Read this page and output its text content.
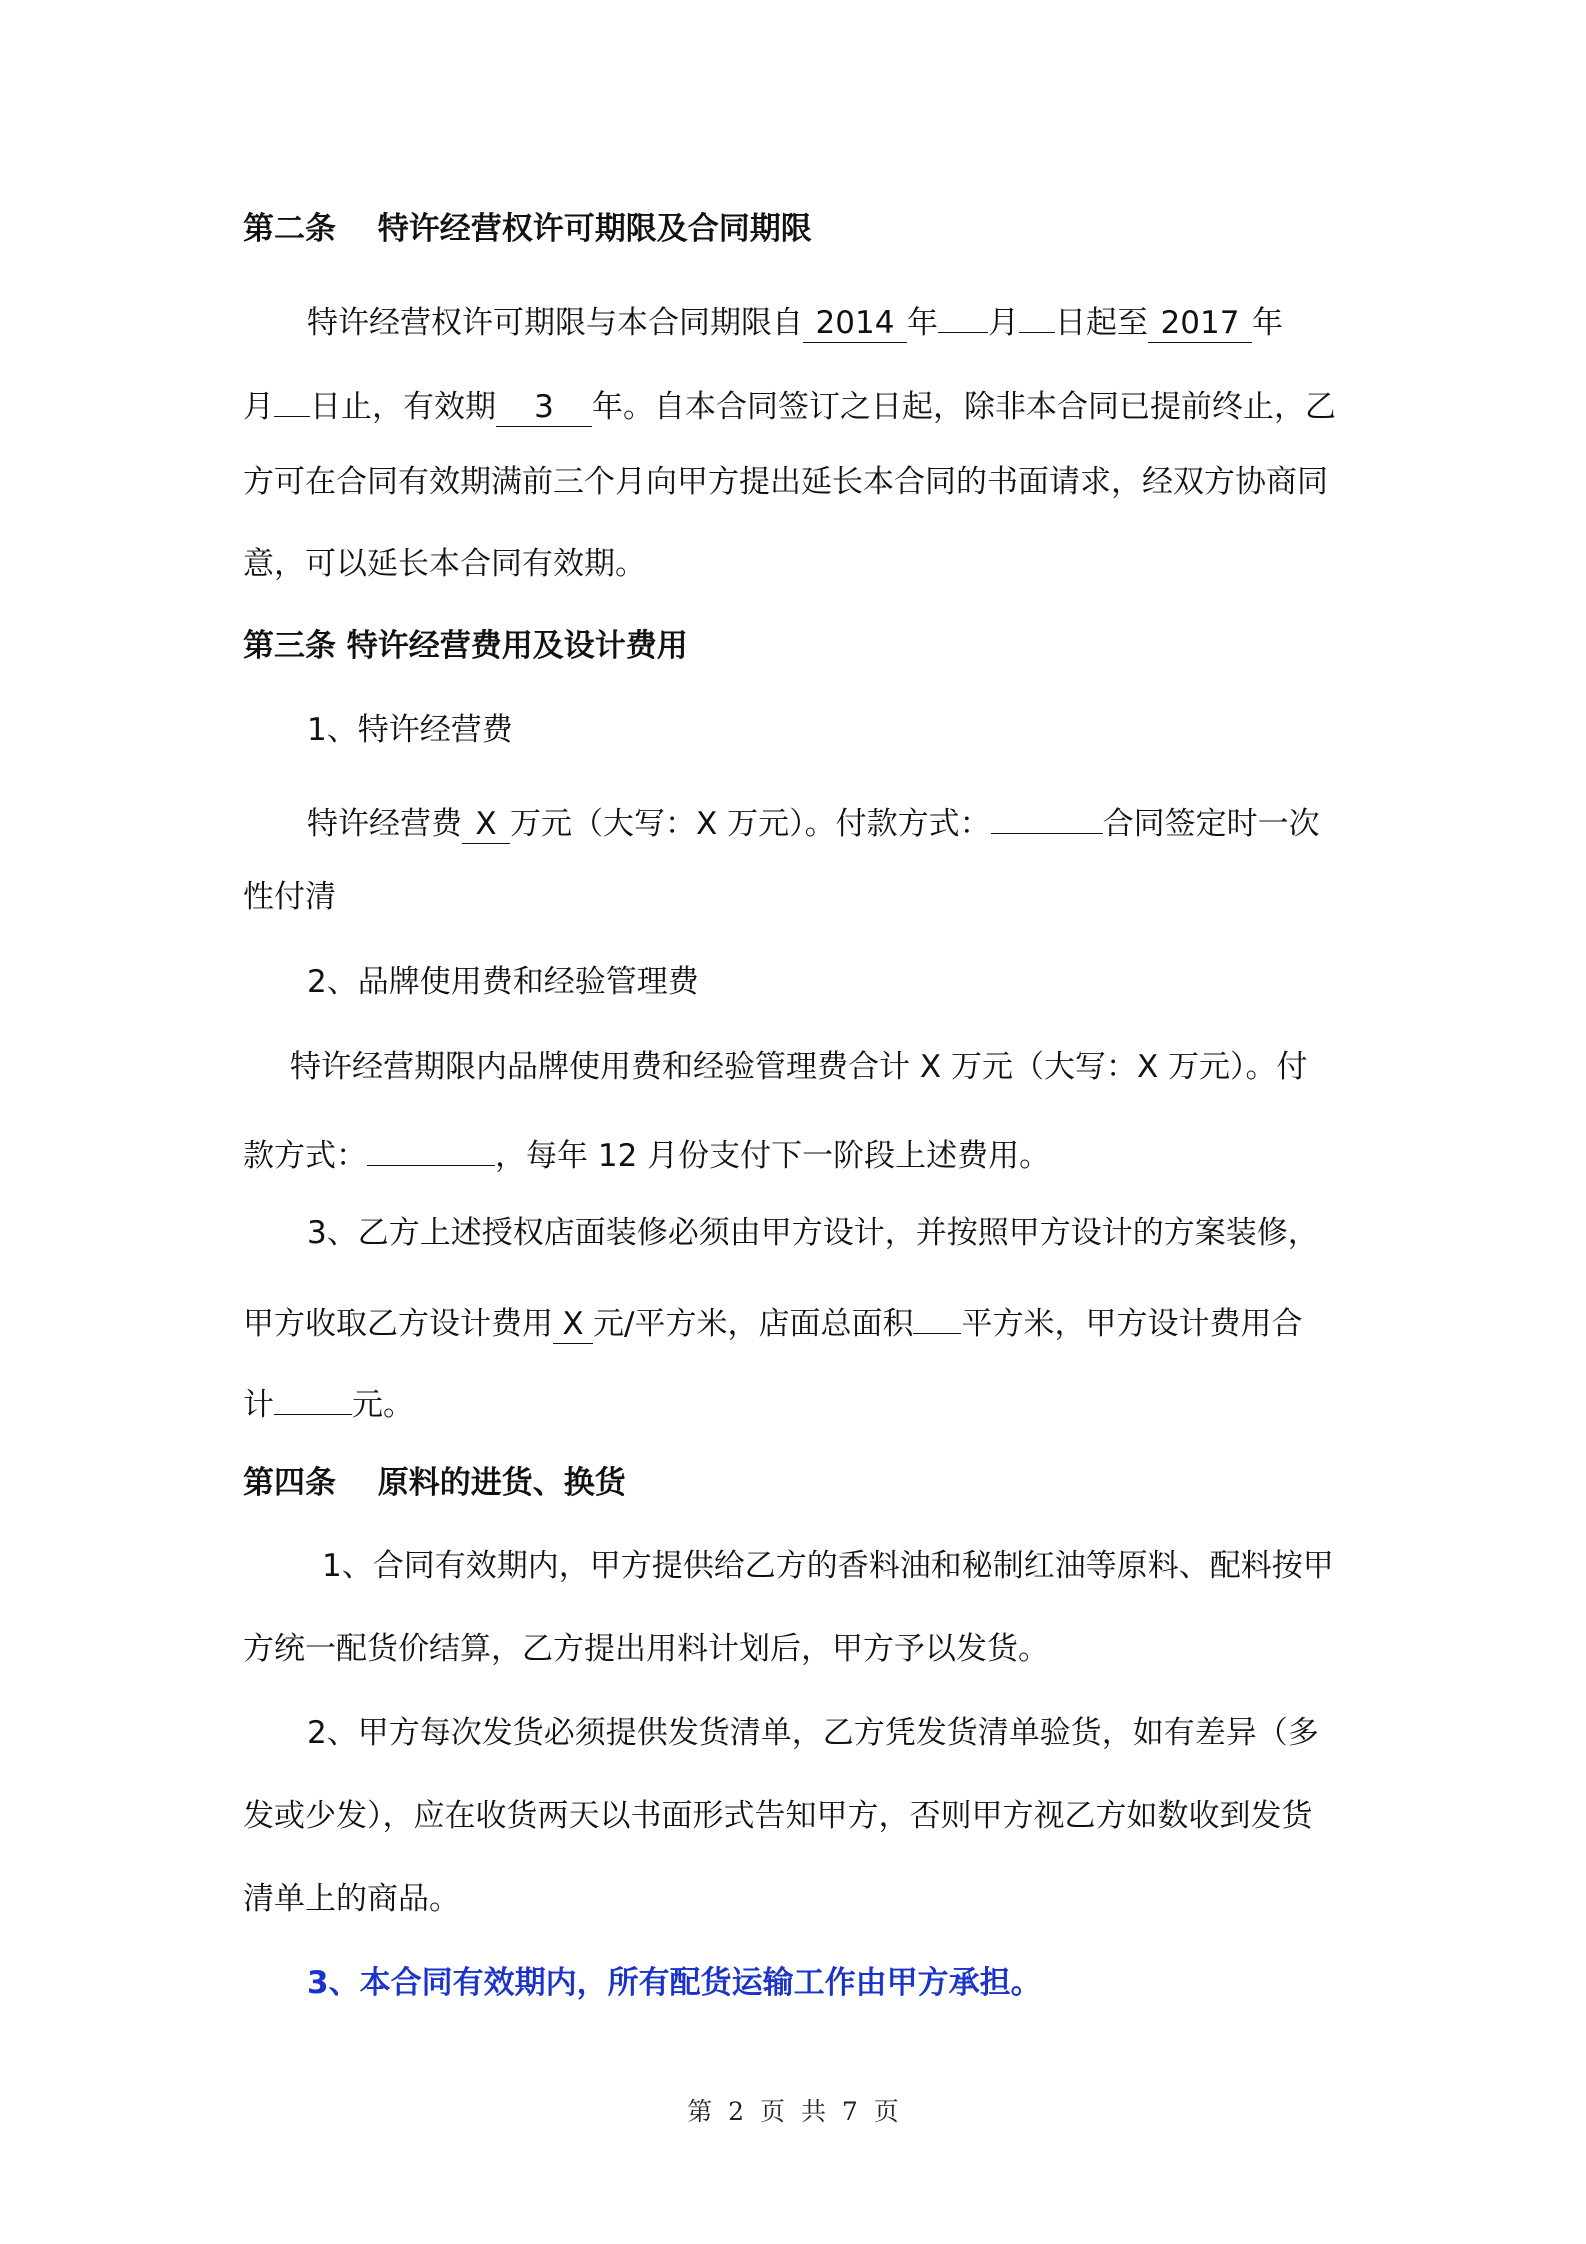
第二条　 特许经营权许可期限及合同期限
特许经营权许可期限与本合同期限自 2014 年 月 日起至 2017 年
月 日止，有效期 3 年。自本合同签订之日起，除非本合同已提前终止，乙
方可在合同有效期满前三个月向甲方提出延长本合同的书面请求，经双方协商同
意，可以延长本合同有效期。
第三条 特许经营费用及设计费用
1、特许经营费
特许经营费 X 万元（大写：X 万元）。付款方式：	合同签定时一次
性付清
2、品牌使用费和经验管理费
特许经营期限内品牌使用费和经验管理费合计 X 万元（大写：X 万元）。付
款方式：	，每年 12 月份支付下一阶段上述费用。
3、乙方上述授权店面装修必须由甲方设计，并按照甲方设计的方案装修，
甲方收取乙方设计费用 X 元/平方米，店面总面积 平方米，甲方设计费用合
计	元。
第四条　 原料的进货、换货
1、合同有效期内，甲方提供给乙方的香料油和秘制红油等原料、配料按甲
方统一配货价结算，乙方提出用料计划后，甲方予以发货。
2、甲方每次发货必须提供发货清单，乙方凭发货清单验货，如有差异（多
发或少发），应在收货两天以书面形式告知甲方，否则甲方视乙方如数收到发货
清单上的商品。
3、本合同有效期内，所有配货运输工作由甲方承担。
第 2 页 共 7 页
